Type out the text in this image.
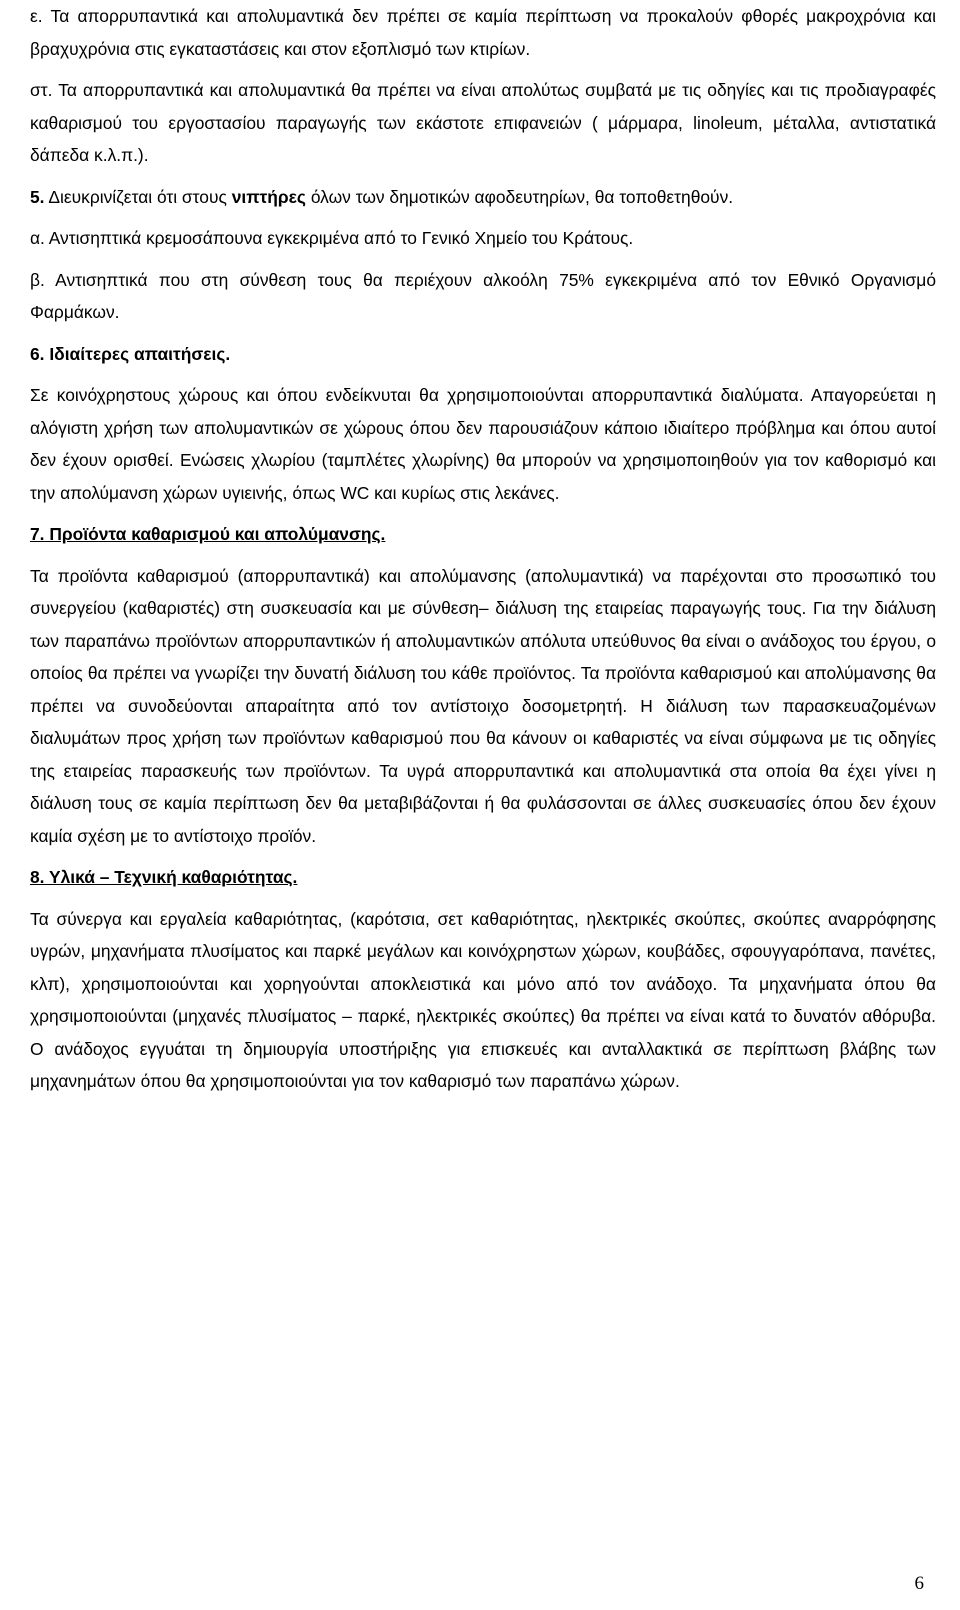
ε. Τα απορρυπαντικά και απολυμαντικά δεν πρέπει σε καμία περίπτωση να προκαλούν φθορές μακροχρόνια και βραχυχρόνια στις εγκαταστάσεις και στον εξοπλισμό των κτιρίων.

στ. Τα απορρυπαντικά και απολυμαντικά θα πρέπει να είναι απολύτως συμβατά με τις οδηγίες και τις προδιαγραφές καθαρισμού του εργοστασίου παραγωγής των εκάστοτε επιφανειών ( μάρμαρα, linoleum, μέταλλα, αντιστατικά δάπεδα κ.λ.π.).

5. Διευκρινίζεται ότι στους νιπτήρες όλων των δημοτικών αφοδευτηρίων, θα τοποθετηθούν.

α. Αντισηπτικά κρεμοσάπουνα εγκεκριμένα από το Γενικό Χημείο του Κράτους.

β. Αντισηπτικά που στη σύνθεση τους θα περιέχουν αλκοόλη 75% εγκεκριμένα από τον Εθνικό Οργανισμό Φαρμάκων.

6. Ιδιαίτερες απαιτήσεις.

Σε κοινόχρηστους χώρους και όπου ενδείκνυται θα χρησιμοποιούνται απορρυπαντικά διαλύματα. Απαγορεύεται η αλόγιστη χρήση των απολυμαντικών σε χώρους όπου δεν παρουσιάζουν κάποιο ιδιαίτερο πρόβλημα και όπου αυτοί δεν έχουν ορισθεί. Ενώσεις χλωρίου (ταμπλέτες χλωρίνης) θα μπορούν να χρησιμοποιηθούν για τον καθορισμό και την απολύμανση χώρων υγιεινής, όπως WC και κυρίως στις λεκάνες.

7. Προϊόντα καθαρισμού και απολύμανσης.

Τα προϊόντα καθαρισμού (απορρυπαντικά) και απολύμανσης (απολυμαντικά) να παρέχονται στο προσωπικό του συνεργείου (καθαριστές) στη συσκευασία και με σύνθεση– διάλυση της εταιρείας παραγωγής τους. Για την διάλυση των παραπάνω προϊόντων απορρυπαντικών ή απολυμαντικών απόλυτα υπεύθυνος θα είναι ο ανάδοχος του έργου, ο οποίος θα πρέπει να γνωρίζει την δυνατή διάλυση του κάθε προϊόντος. Τα προϊόντα καθαρισμού και απολύμανσης θα πρέπει να συνοδεύονται απαραίτητα από τον αντίστοιχο δοσομετρητή. Η διάλυση των παρασκευαζομένων διαλυμάτων προς χρήση των προϊόντων καθαρισμού που θα κάνουν οι καθαριστές να είναι σύμφωνα με τις οδηγίες της εταιρείας παρασκευής των προϊόντων. Τα υγρά απορρυπαντικά και απολυμαντικά στα οποία θα έχει γίνει η διάλυση τους σε καμία περίπτωση δεν θα μεταβιβάζονται ή θα φυλάσσονται σε άλλες συσκευασίες όπου δεν έχουν καμία σχέση με το αντίστοιχο προϊόν.

8. Υλικά – Τεχνική καθαριότητας.

Τα σύνεργα και εργαλεία καθαριότητας, (καρότσια, σετ καθαριότητας, ηλεκτρικές σκούπες, σκούπες αναρρόφησης υγρών, μηχανήματα πλυσίματος και παρκέ μεγάλων και κοινόχρηστων χώρων, κουβάδες, σφουγγαρόπανα, πανέτες, κλπ), χρησιμοποιούνται και χορηγούνται αποκλειστικά και μόνο από τον ανάδοχο. Τα μηχανήματα όπου θα χρησιμοποιούνται (μηχανές πλυσίματος – παρκέ, ηλεκτρικές σκούπες) θα πρέπει να είναι κατά το δυνατόν αθόρυβα. Ο ανάδοχος εγγυάται τη δημιουργία υποστήριξης για επισκευές και ανταλλακτικά σε περίπτωση βλάβης των μηχανημάτων όπου θα χρησιμοποιούνται για τον καθαρισμό των παραπάνω χώρων.

6
